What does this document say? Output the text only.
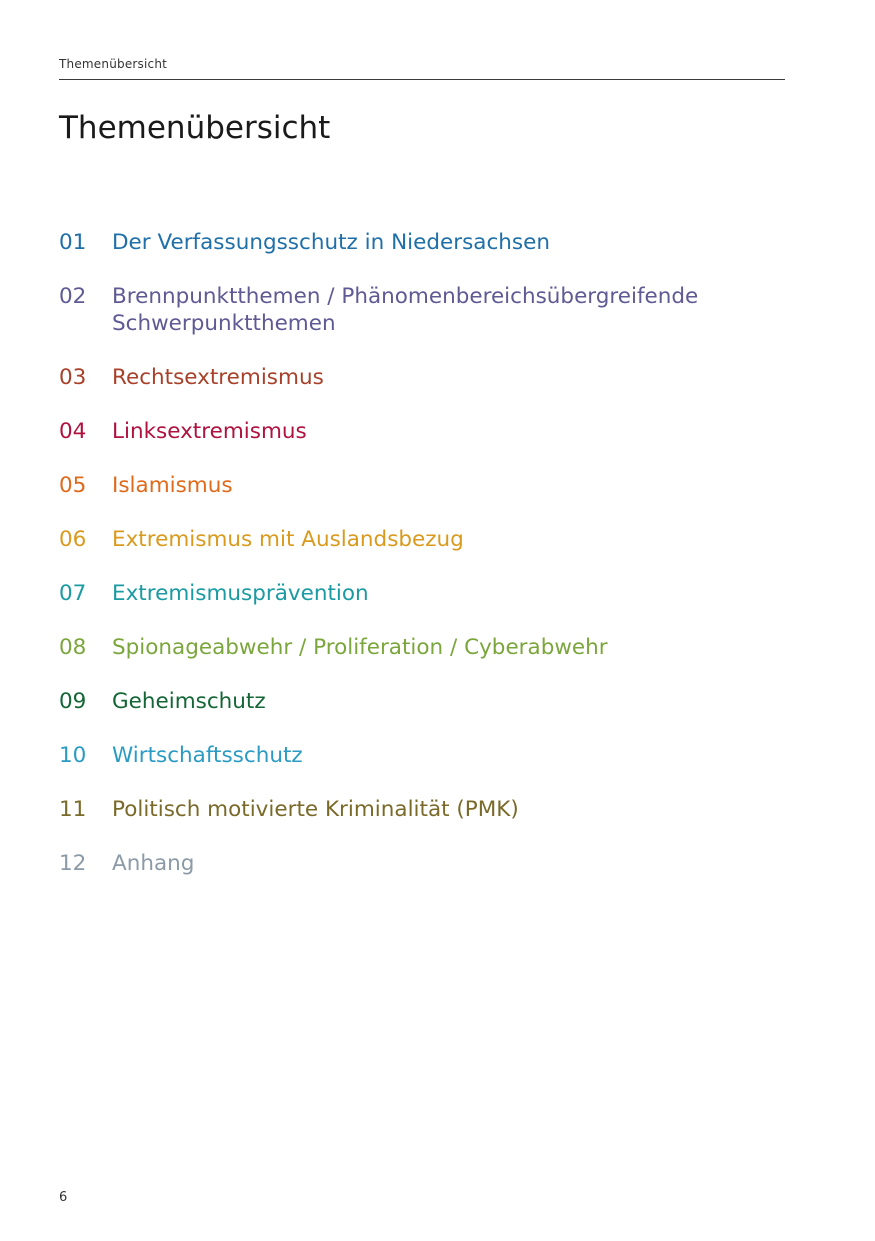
Themenübersicht
Themenübersicht
01	Der Verfassungsschutz in Niedersachsen
02	Brennpunktthemen / Phänomenbereichsübergreifende Schwerpunktthemen
03	Rechtsextremismus
04	Linksextremismus
05	Islamismus
06	Extremismus mit Auslandsbezug
07	Extremismusprävention
08	Spionageabwehr / Proliferation / Cyberabwehr
09	Geheimschutz
10	Wirtschaftsschutz
11	Politisch motivierte Kriminalität (PMK)
12	Anhang
6
